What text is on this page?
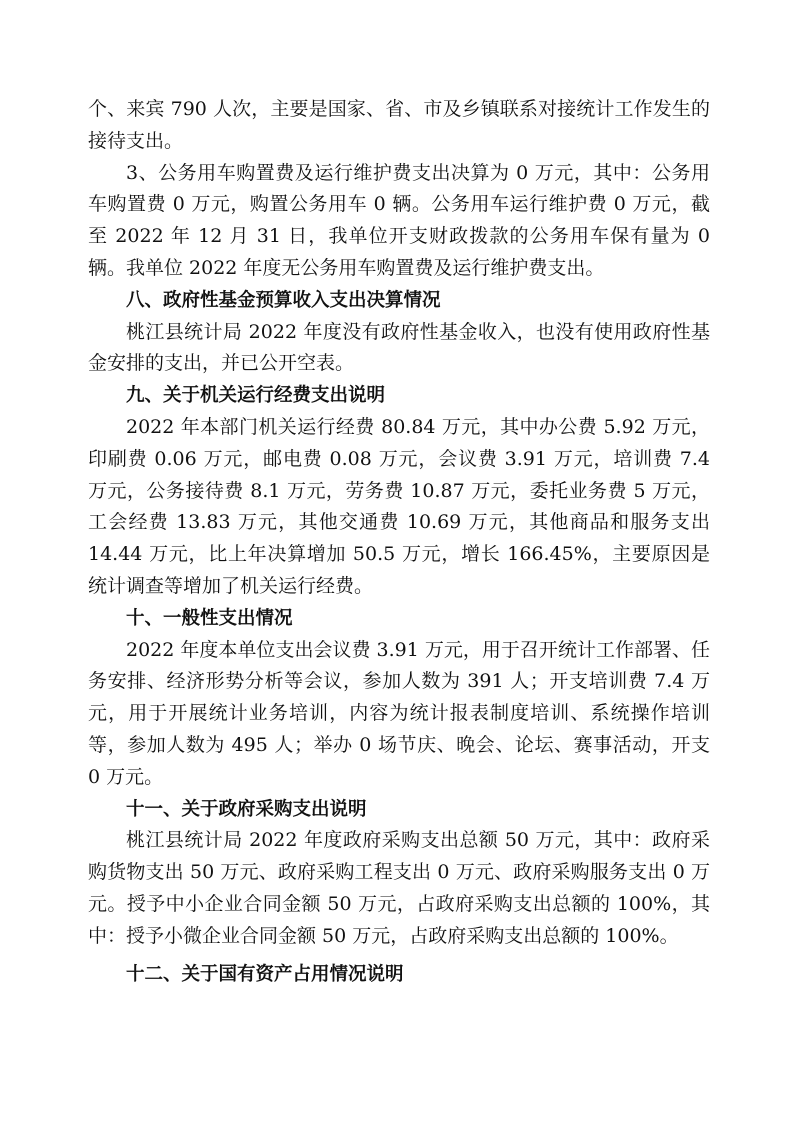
个、来宾 790 人次，主要是国家、省、市及乡镇联系对接统计工作发生的接待支出。

3、公务用车购置费及运行维护费支出决算为 0 万元，其中：公务用车购置费 0 万元，购置公务用车 0 辆。公务用车运行维护费 0 万元，截至 2022 年 12 月 31 日，我单位开支财政拨款的公务用车保有量为 0 辆。我单位 2022 年度无公务用车购置费及运行维护费支出。

八、政府性基金预算收入支出决算情况

桃江县统计局 2022 年度没有政府性基金收入，也没有使用政府性基金安排的支出，并已公开空表。

九、关于机关运行经费支出说明

2022 年本部门机关运行经费 80.84 万元，其中办公费 5.92 万元，印刷费 0.06 万元，邮电费 0.08 万元，会议费 3.91 万元，培训费 7.4 万元，公务接待费 8.1 万元，劳务费 10.87 万元，委托业务费 5 万元，工会经费 13.83 万元，其他交通费 10.69 万元，其他商品和服务支出 14.44 万元，比上年决算增加 50.5 万元，增长 166.45%，主要原因是统计调查等增加了机关运行经费。

十、一般性支出情况

2022 年度本单位支出会议费 3.91 万元，用于召开统计工作部署、任务安排、经济形势分析等会议，参加人数为 391 人；开支培训费 7.4 万元，用于开展统计业务培训，内容为统计报表制度培训、系统操作培训等，参加人数为 495 人；举办 0 场节庆、晚会、论坛、赛事活动，开支 0 万元。

十一、关于政府采购支出说明

桃江县统计局 2022 年度政府采购支出总额 50 万元，其中：政府采购货物支出 50 万元、政府采购工程支出 0 万元、政府采购服务支出 0 万元。授予中小企业合同金额 50 万元，占政府采购支出总额的 100%，其中：授予小微企业合同金额 50 万元，占政府采购支出总额的 100%。

十二、关于国有资产占用情况说明
